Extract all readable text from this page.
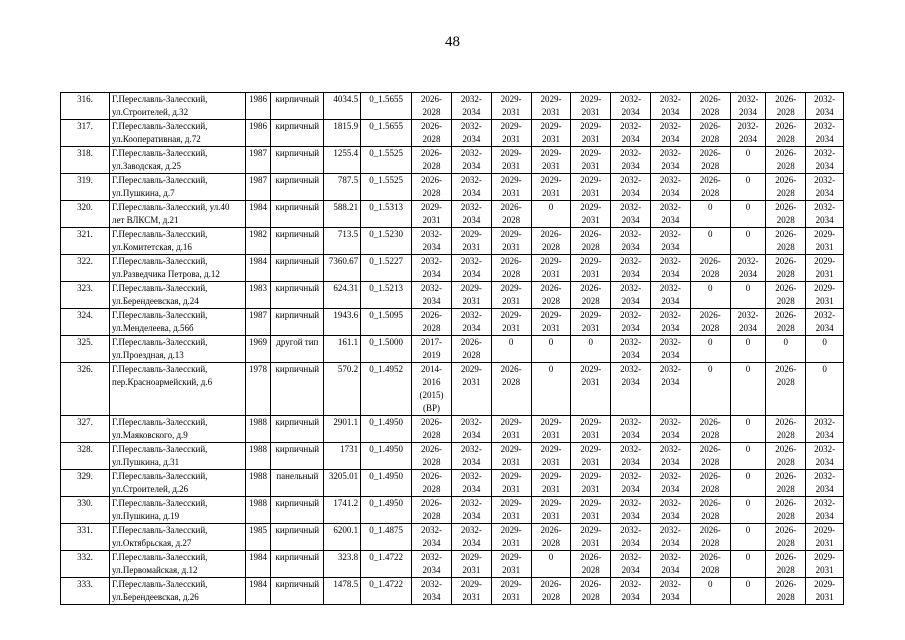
48
316.	Г.Переславль-Залесский, ул.Строителей, д.32	1986	кирпичный	4034.5	0_1.5655	2026-2028	2032-2034	2029-2031	2029-2031	2029-2031	2032-2034	2032-2034	2026-2028	2032-2034	2026-2028	2032-2034
317.	Г.Переславль-Залесский, ул.Кооперативная, д.72	1986	кирпичный	1815.9	0_1.5655	2026-2028	2032-2034	2029-2031	2029-2031	2029-2031	2032-2034	2032-2034	2026-2028	2032-2034	2026-2028	2032-2034
318.	Г.Переславль-Залесский, ул.Заводская, д.25	1987	кирпичный	1255.4	0_1.5525	2026-2028	2032-2034	2029-2031	2029-2031	2029-2031	2032-2034	2032-2034	2026-2028	0	2026-2028	2032-2034
319.	Г.Переславль-Залесский, ул.Пушкина, д.7	1987	кирпичный	787.5	0_1.5525	2026-2028	2032-2034	2029-2031	2029-2031	2029-2031	2032-2034	2032-2034	2026-2028	0	2026-2028	2032-2034
320.	Г.Переславль-Залесский, ул.40 лет ВЛКСМ, д.21	1984	кирпичный	588.21	0_1.5313	2029-2031	2032-2034	2026-2028	0	2029-2031	2032-2034	2032-2034	0	0	2026-2028	2032-2034
321.	Г.Переславль-Залесский, ул.Комитетская, д.16	1982	кирпичный	713.5	0_1.5230	2032-2034	2029-2031	2029-2031	2026-2028	2026-2028	2032-2034	2032-2034	0	0	2026-2028	2029-2031
322.	Г.Переславль-Залесский, ул.Разведчика Петрова, д.12	1984	кирпичный	7360.67	0_1.5227	2032-2034	2032-2034	2026-2028	2029-2031	2029-2031	2032-2034	2032-2034	2026-2028	2032-2034	2026-2028	2029-2031
323.	Г.Переславль-Залесский, ул.Берендеевская, д.24	1983	кирпичный	624.31	0_1.5213	2032-2034	2029-2031	2029-2031	2026-2028	2026-2028	2032-2034	2032-2034	0	0	2026-2028	2029-2031
324.	Г.Переславль-Залесский, ул.Менделеева, д.56б	1987	кирпичный	1943.6	0_1.5095	2026-2028	2032-2034	2029-2031	2029-2031	2029-2031	2032-2034	2032-2034	2026-2028	2032-2034	2026-2028	2032-2034
325.	Г.Переславль-Залесский, ул.Проездная, д.13	1969	другой тип	161.1	0_1.5000	2017-2019	2026-2028	0	0	0	2032-2034	2032-2034	0	0	0	0
326.	Г.Переславль-Залесский, пер.Красноармейский, д.6	1978	кирпичный	570.2	0_1.4952	2014-2016 (2015) (ВР)	2029-2031	2026-2028	0	2029-2031	2032-2034	2032-2034	0	0	2026-2028	0
327.	Г.Переславль-Залесский, ул.Маяковского, д.9	1988	кирпичный	2901.1	0_1.4950	2026-2028	2032-2034	2029-2031	2029-2031	2029-2031	2032-2034	2032-2034	2026-2028	0	2026-2028	2032-2034
328.	Г.Переславль-Залесский, ул.Пушкина, д.31	1988	кирпичный	1731	0_1.4950	2026-2028	2032-2034	2029-2031	2029-2031	2029-2031	2032-2034	2032-2034	2026-2028	0	2026-2028	2032-2034
329.	Г.Переславль-Залесский, ул.Строителей, д.26	1988	панельный	3205.01	0_1.4950	2026-2028	2032-2034	2029-2031	2029-2031	2029-2031	2032-2034	2032-2034	2026-2028	0	2026-2028	2032-2034
330.	Г.Переславль-Залесский, ул.Пушкина, д.19	1988	кирпичный	1741.2	0_1.4950	2026-2028	2032-2034	2029-2031	2029-2031	2029-2031	2032-2034	2032-2034	2026-2028	0	2026-2028	2032-2034
331.	Г.Переславль-Залесский, ул.Октябрьская, д.27	1985	кирпичный	6200.1	0_1.4875	2032-2034	2032-2034	2029-2031	2026-2028	2029-2031	2032-2034	2032-2034	2026-2028	0	2026-2028	2029-2031
332.	Г.Переславль-Залесский, ул.Первомайская, д.12	1984	кирпичный	323.8	0_1.4722	2032-2034	2029-2031	2029-2031	0	2026-2028	2032-2034	2032-2034	2026-2028	0	2026-2028	2029-2031
333.	Г.Переславль-Залесский, ул.Берендеевская, д.26	1984	кирпичный	1478.5	0_1.4722	2032-2034	2029-2031	2029-2031	2026-2028	2026-2028	2032-2034	2032-2034	0	0	2026-2028	2029-2031
